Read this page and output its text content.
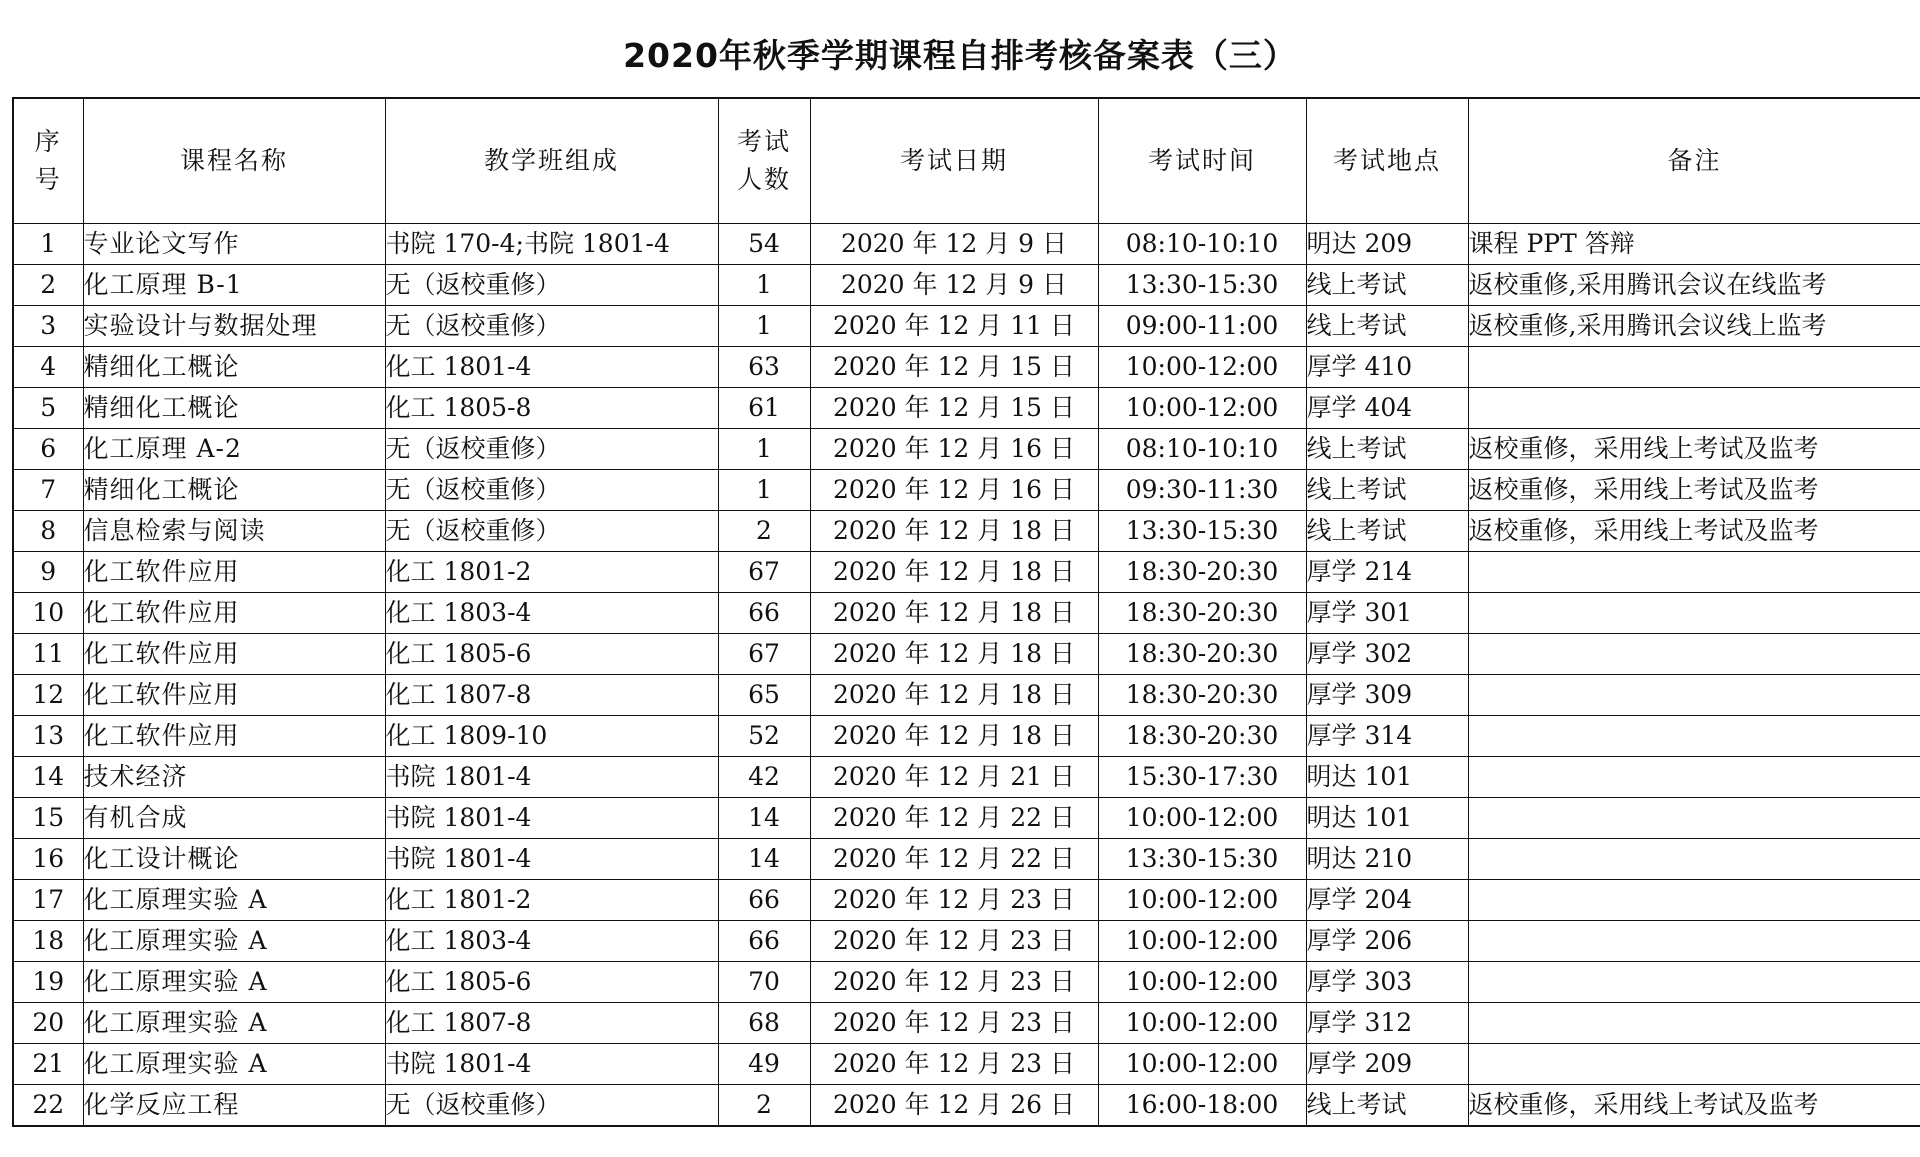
2020年秋季学期课程自排考核备案表（三）
序号	课程名称	教学班组成	考试人数	考试日期	考试时间	考试地点	备注
1	专业论文写作	书院 170-4;书院 1801-4	54	2020 年 12 月 9 日	08:10-10:10	明达 209	课程 PPT 答辩
2	化工原理 B-1	无（返校重修）	1	2020 年 12 月 9 日	13:30-15:30	线上考试	返校重修,采用腾讯会议在线监考
3	实验设计与数据处理	无（返校重修）	1	2020 年 12 月 11 日	09:00-11:00	线上考试	返校重修,采用腾讯会议线上监考
4	精细化工概论	化工 1801-4	63	2020 年 12 月 15 日	10:00-12:00	厚学 410	
5	精细化工概论	化工 1805-8	61	2020 年 12 月 15 日	10:00-12:00	厚学 404	
6	化工原理 A-2	无（返校重修）	1	2020 年 12 月 16 日	08:10-10:10	线上考试	返校重修，采用线上考试及监考
7	精细化工概论	无（返校重修）	1	2020 年 12 月 16 日	09:30-11:30	线上考试	返校重修，采用线上考试及监考
8	信息检索与阅读	无（返校重修）	2	2020 年 12 月 18 日	13:30-15:30	线上考试	返校重修，采用线上考试及监考
9	化工软件应用	化工 1801-2	67	2020 年 12 月 18 日	18:30-20:30	厚学 214	
10	化工软件应用	化工 1803-4	66	2020 年 12 月 18 日	18:30-20:30	厚学 301	
11	化工软件应用	化工 1805-6	67	2020 年 12 月 18 日	18:30-20:30	厚学 302	
12	化工软件应用	化工 1807-8	65	2020 年 12 月 18 日	18:30-20:30	厚学 309	
13	化工软件应用	化工 1809-10	52	2020 年 12 月 18 日	18:30-20:30	厚学 314	
14	技术经济	书院 1801-4	42	2020 年 12 月 21 日	15:30-17:30	明达 101	
15	有机合成	书院 1801-4	14	2020 年 12 月 22 日	10:00-12:00	明达 101	
16	化工设计概论	书院 1801-4	14	2020 年 12 月 22 日	13:30-15:30	明达 210	
17	化工原理实验 A	化工 1801-2	66	2020 年 12 月 23 日	10:00-12:00	厚学 204	
18	化工原理实验 A	化工 1803-4	66	2020 年 12 月 23 日	10:00-12:00	厚学 206	
19	化工原理实验 A	化工 1805-6	70	2020 年 12 月 23 日	10:00-12:00	厚学 303	
20	化工原理实验 A	化工 1807-8	68	2020 年 12 月 23 日	10:00-12:00	厚学 312	
21	化工原理实验 A	书院 1801-4	49	2020 年 12 月 23 日	10:00-12:00	厚学 209	
22	化学反应工程	无（返校重修）	2	2020 年 12 月 26 日	16:00-18:00	线上考试	返校重修，采用线上考试及监考
